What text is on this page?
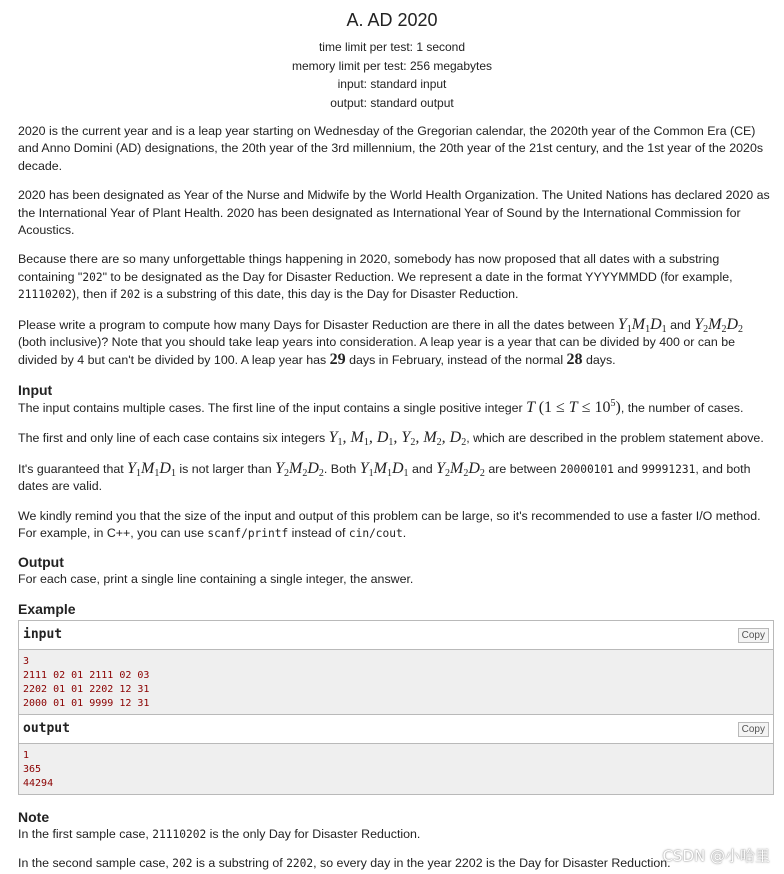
A. AD 2020
time limit per test: 1 second
memory limit per test: 256 megabytes
input: standard input
output: standard output

2020 is the current year and is a leap year starting on Wednesday of the Gregorian calendar, the 2020th year of the Common Era (CE) and Anno Domini (AD) designations, the 20th year of the 3rd millennium, the 20th year of the 21st century, and the 1st year of the 2020s decade.

2020 has been designated as Year of the Nurse and Midwife by the World Health Organization. The United Nations has declared 2020 as the International Year of Plant Health. 2020 has been designated as International Year of Sound by the International Commission for Acoustics.

Because there are so many unforgettable things happening in 2020, somebody has now proposed that all dates with a substring containing "202" to be designated as the Day for Disaster Reduction. We represent a date in the format YYYYMMDD (for example, 21110202), then if 202 is a substring of this date, this day is the Day for Disaster Reduction.

Please write a program to compute how many Days for Disaster Reduction are there in all the dates between $Y_1M_1D_1$ and $Y_2M_2D_2$ (both inclusive)? Note that you should take leap years into consideration. A leap year is a year that can be divided by 400 or can be divided by 4 but can't be divided by 100. A leap year has 29 days in February, instead of the normal 28 days.

Input

The input contains multiple cases. The first line of the input contains a single positive integer T $(1 \le T \le 10^5)$, the number of cases.

The first and only line of each case contains six integers $Y_1$, $M_1$, $D_1$, $Y_2$, $M_2$, $D_2$, which are described in the problem statement above.

It's guaranteed that $Y_1M_1D_1$ is not larger than $Y_2M_2D_2$. Both $Y_1M_1D_1$ and $Y_2M_2D_2$ are between 20000101 and 99991231, and both dates are valid.

We kindly remind you that the size of the input and output of this problem can be large, so it's recommended to use a faster I/O method. For example, in C++, you can use scanf/printf instead of cin/cout.

Output

For each case, print a single line containing a single integer, the answer.

Example
input	Copy
3
2111 02 01 2111 02 03
2202 01 01 2202 12 31
2000 01 01 9999 12 31
output	Copy
1
365
44294
Note

In the first sample case, 21110202 is the only Day for Disaster Reduction.

In the second sample case, 202 is a substring of 2202, so every day in the year 2202 is the Day for Disaster Reduction.

CSDN @小哈里
